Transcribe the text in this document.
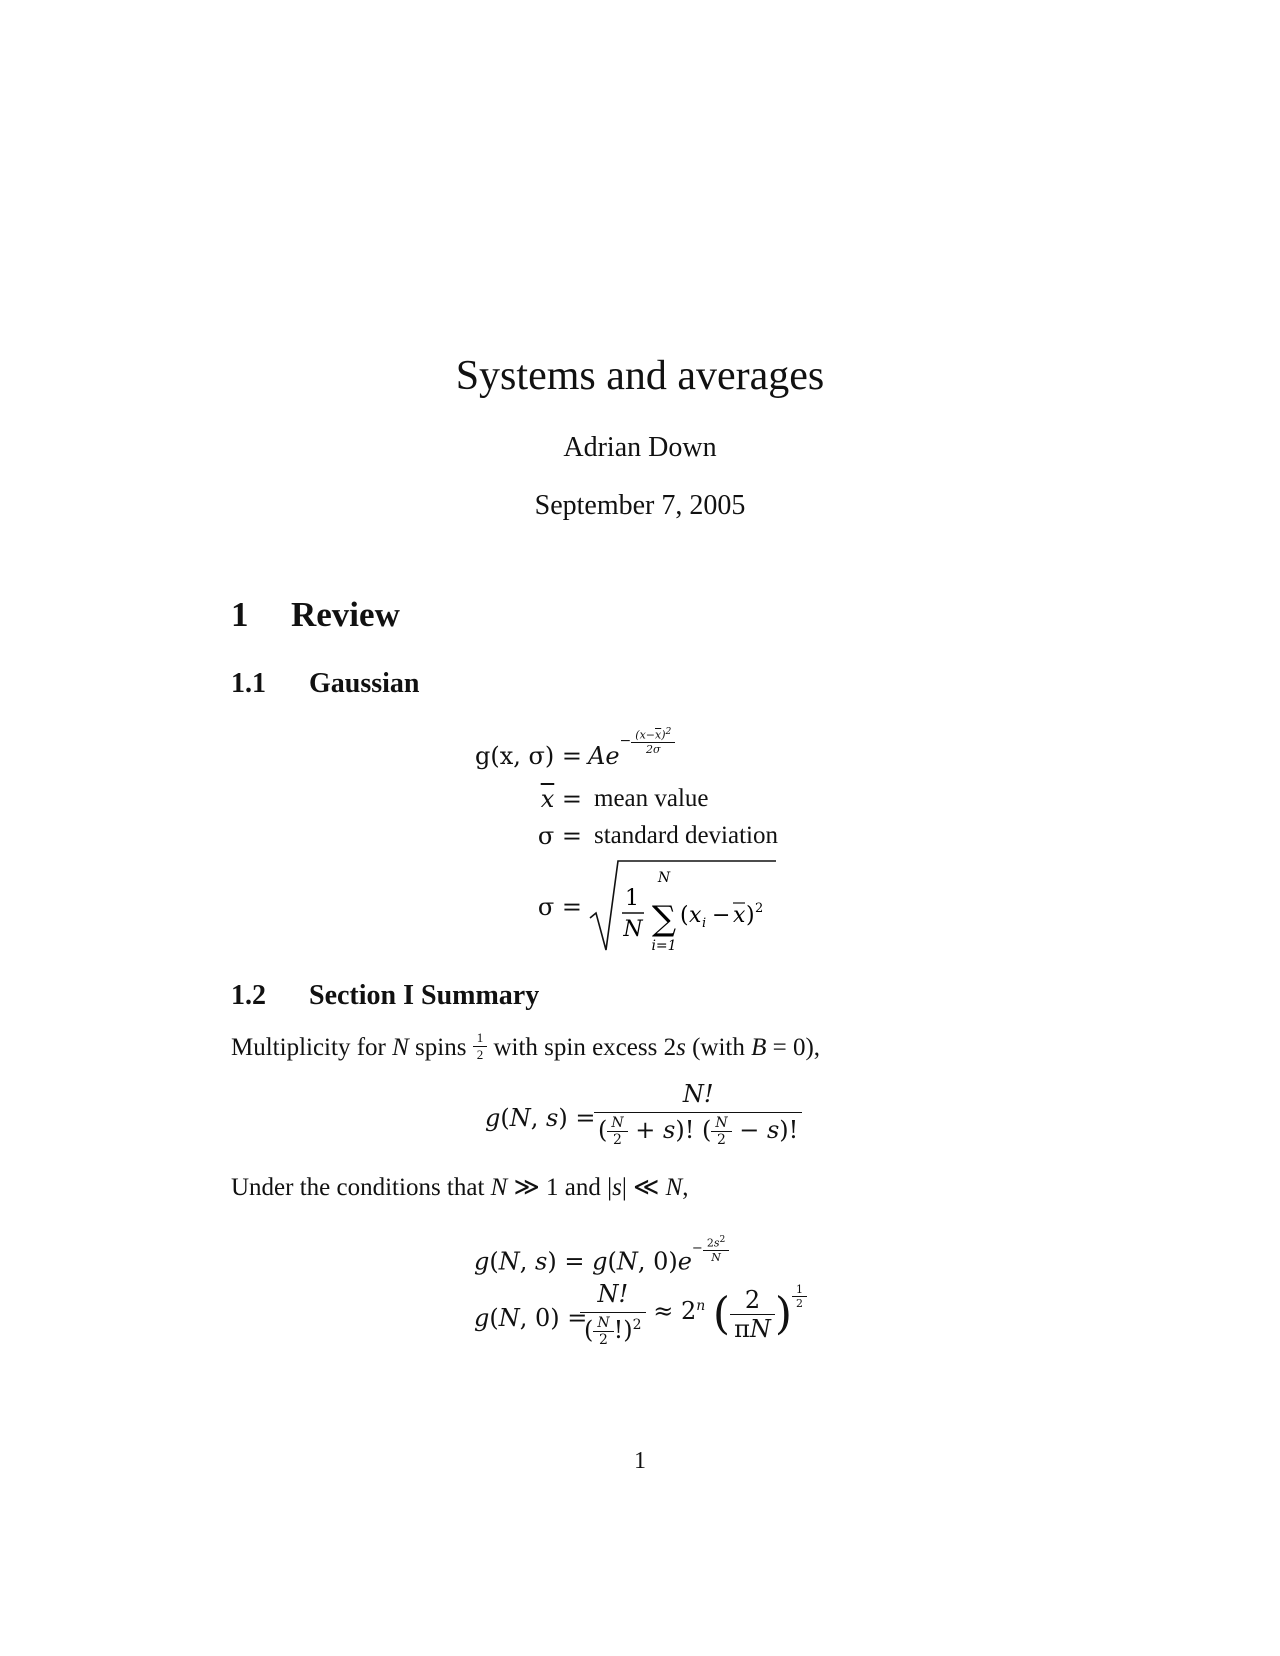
Systems and averages
Adrian Down
September 7, 2005
1 Review
1.1 Gaussian
g(x, $\sigma) = Ae^{- \frac{(x-\overline{x})^2}{2\sigma}}$
$\overline{x}$ = mean value
σ = standard deviation
σ = 1
N
N
∑
i=1
( x i − x ) 2
1.2 Section I Summary
Multiplicity for N spins $\frac{1}{2}$ with spin excess 2s (with B = 0),
g(N, s) =
$\frac{N!}{( \frac{N}{2} + s)! ( \frac{N}{2} - s)!}$
Under the conditions that N ≫ 1 and |s| ≪ N,
g(N, s) = g(N, $0)e^{- \frac{2s^2}{N}}$
g(N, 0) =
$\frac{N!}{( \frac{N}{2} !)^2} \approx 2^n$ ( $\frac{2}{\pi N}$ ) $^{\frac{1}{2}}$
1
